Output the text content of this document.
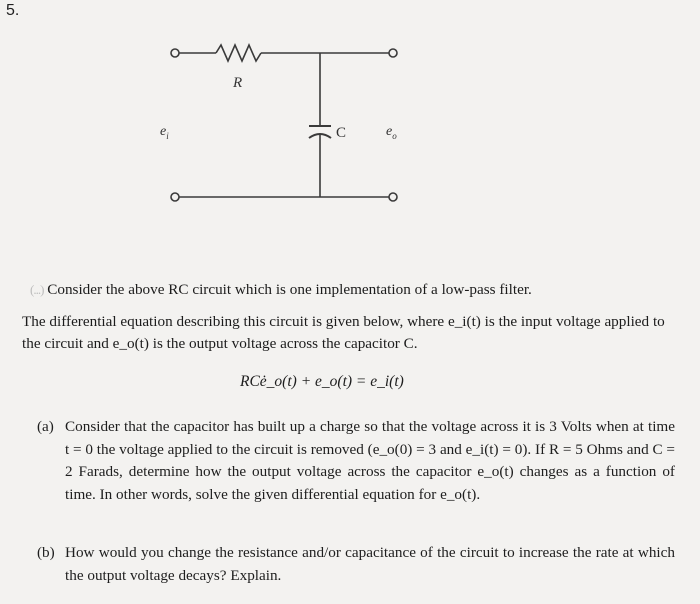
5.
R
C
$e_i$	$e_o$
(...) Consider the above RC circuit which is one implementation of a low-pass filter.
The differential equation describing this circuit is given below, where e_i(t) is the input voltage applied to the circuit and e_o(t) is the output voltage across the capacitor C.
RCė_o(t) + e_o(t) = e_i(t)
(a) Consider that the capacitor has built up a charge so that the voltage across it is 3 Volts when at time t = 0 the voltage applied to the circuit is removed (e_o(0) = 3 and e_i(t) = 0). If R = 5 Ohms and C = 2 Farads, determine how the output voltage across the capacitor e_o(t) changes as a function of time. In other words, solve the given differential equation for e_o(t).
(b) How would you change the resistance and/or capacitance of the circuit to increase the rate at which the output voltage decays? Explain.
